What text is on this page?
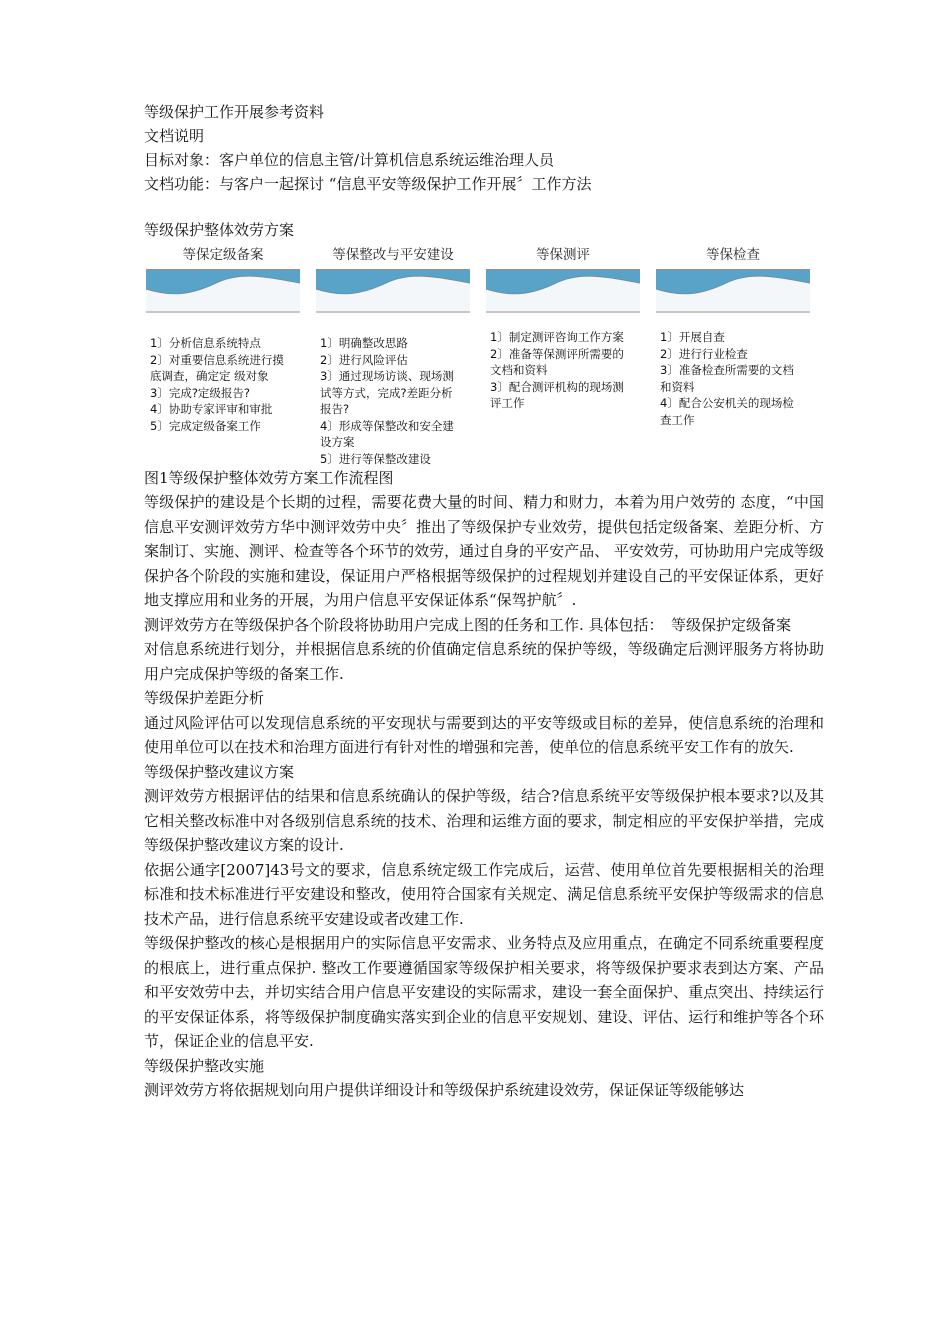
等级保护工作开展参考资料

文档说明

目标对象：客户单位的信息主管/计算机信息系统运维治理人员

文档功能：与客户一起探讨 “信息平安等级保护工作开展〞工作方法

等级保护整体效劳方案

等保定级备案
1〕分析信息系统特点
2〕对重要信息系统进行摸底调查，确定定 级对象
3〕完成?定级报告?
4〕协助专家评审和审批
5〕完成定级备案工作
等保整改与平安建设
1〕明确整改思路
2〕进行风险评估
3〕通过现场访谈、现场测试等方式，完成?差距分析报告?
4〕形成等保整改和安全建设方案
5〕进行等保整改建设
等保测评
1〕制定测评咨询工作方案
2〕准备等保测评所需要的文档和资料
3〕配合测评机构的现场测评工作
等保检查
1〕开展自查
2〕进行行业检查
3〕准备检查所需要的文档和资料
4〕配合公安机关的现场检查工作

图1等级保护整体效劳方案工作流程图

等级保护的建设是个长期的过程，需要花费大量的时间、精力和财力，本着为用户效劳的 态度，“中国信息平安测评效劳方华中测评效劳中央〞推出了等级保护专业效劳，提供包括定级备案、差距分析、方案制订、实施、测评、检查等各个环节的效劳，通过自身的平安产品、 平安效劳，可协助用户完成等级保护各个阶段的实施和建设，保证用户严格根据等级保护的过程规划并建设自己的平安保证体系，更好地支撑应用和业务的开展，为用户信息平安保证体系“保驾护航〞.

测评效劳方在等级保护各个阶段将协助用户完成上图的任务和工作. 具体包括：　等级保护定级备案

对信息系统进行划分，并根据信息系统的价值确定信息系统的保护等级，等级确定后测评服务方将协助用户完成保护等级的备案工作.

等级保护差距分析

通过风险评估可以发现信息系统的平安现状与需要到达的平安等级或目标的差异，使信息系统的治理和使用单位可以在技术和治理方面进行有针对性的增强和完善，使单位的信息系统平安工作有的放矢.

等级保护整改建议方案

测评效劳方根据评估的结果和信息系统确认的保护等级，结合?信息系统平安等级保护根本要求?以及其它相关整改标准中对各级别信息系统的技术、治理和运维方面的要求，制定相应的平安保护举措，完成等级保护整改建议方案的设计.

依据公通字[2007]43号文的要求，信息系统定级工作完成后，运营、使用单位首先要根据相关的治理标准和技术标准进行平安建设和整改，使用符合国家有关规定、满足信息系统平安保护等级需求的信息技术产品，进行信息系统平安建设或者改建工作.

等级保护整改的核心是根据用户的实际信息平安需求、业务特点及应用重点，在确定不同系统重要程度的根底上，进行重点保护. 整改工作要遵循国家等级保护相关要求，将等级保护要求表到达方案、产品和平安效劳中去，并切实结合用户信息平安建设的实际需求，建设一套全面保护、重点突出、持续运行的平安保证体系，将等级保护制度确实落实到企业的信息平安规划、建设、评估、运行和维护等各个环节，保证企业的信息平安.

等级保护整改实施

测评效劳方将依据规划向用户提供详细设计和等级保护系统建设效劳，保证保证等级能够达
